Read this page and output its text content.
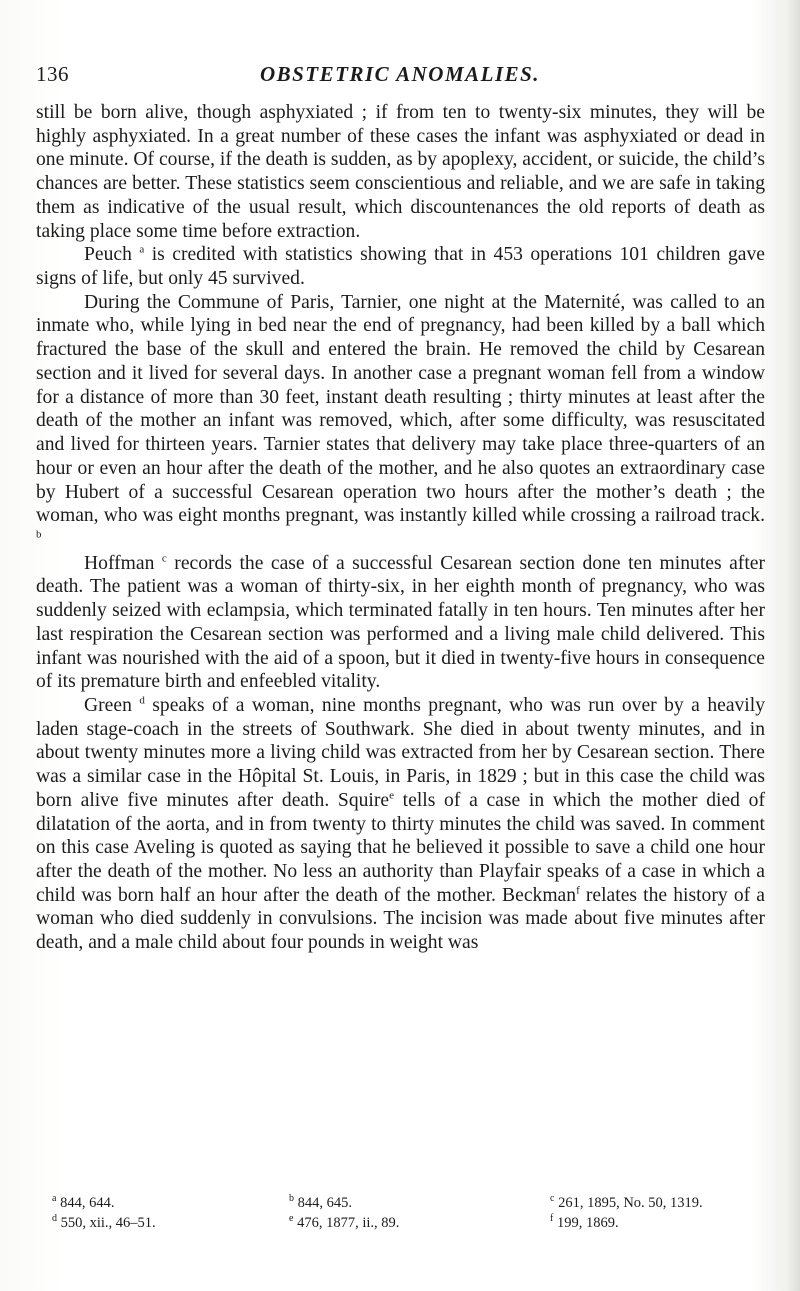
136	OBSTETRIC ANOMALIES.

still be born alive, though asphyxiated ; if from ten to twenty-six minutes, they will be highly asphyxiated. In a great number of these cases the infant was asphyxiated or dead in one minute. Of course, if the death is sudden, as by apoplexy, accident, or suicide, the child’s chances are better. These statistics seem conscientious and reliable, and we are safe in taking them as indicative of the usual result, which discountenances the old reports of death as taking place some time before extraction.

Peuch $^a$ is credited with statistics showing that in 453 operations 101 children gave signs of life, but only 45 survived.

During the Commune of Paris, Tarnier, one night at the Maternité, was called to an inmate who, while lying in bed near the end of pregnancy, had been killed by a ball which fractured the base of the skull and entered the brain. He removed the child by Cesarean section and it lived for several days. In another case a pregnant woman fell from a window for a distance of more than 30 feet, instant death resulting ; thirty minutes at least after the death of the mother an infant was removed, which, after some difficulty, was resuscitated and lived for thirteen years. Tarnier states that delivery may take place three-quarters of an hour or even an hour after the death of the mother, and he also quotes an extraordinary case by Hubert of a successful Cesarean operation two hours after the mother’s death ; the woman, who was eight months pregnant, was instantly killed while crossing a railroad track. $^b$

Hoffman $^c$ records the case of a successful Cesarean section done ten minutes after death. The patient was a woman of thirty-six, in her eighth month of pregnancy, who was suddenly seized with eclampsia, which terminated fatally in ten hours. Ten minutes after her last respiration the Cesarean section was performed and a living male child delivered. This infant was nourished with the aid of a spoon, but it died in twenty-five hours in consequence of its premature birth and enfeebled vitality.

Green $^d$ speaks of a woman, nine months pregnant, who was run over by a heavily laden stage-coach in the streets of Southwark. She died in about twenty minutes, and in about twenty minutes more a living child was extracted from her by Cesarean section. There was a similar case in the Hôpital St. Louis, in Paris, in 1829 ; but in this case the child was born alive five minutes after death. Squire$^e$ tells of a case in which the mother died of dilatation of the aorta, and in from twenty to thirty minutes the child was saved. In comment on this case Aveling is quoted as saying that he believed it possible to save a child one hour after the death of the mother. No less an authority than Playfair speaks of a case in which a child was born half an hour after the death of the mother. Beckman$^f$ relates the history of a woman who died suddenly in convulsions. The incision was made about five minutes after death, and a male child about four pounds in weight was

$^a$ 844, 644.	$^b$ 844, 645.	$^c$ 261, 1895, No. 50, 1319.
$^d$ 550, xii., 46–51.	$^e$ 476, 1877, ii., 89.	$^f$ 199, 1869.
